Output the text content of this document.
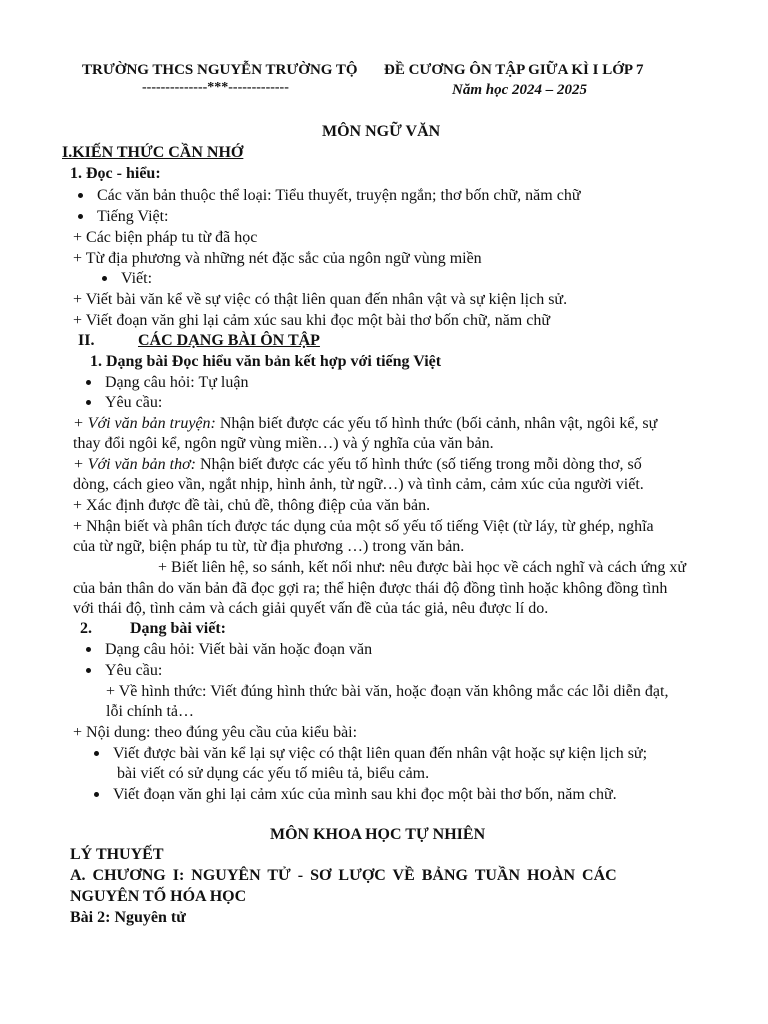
TRƯỜNG THCS NGUYỄN TRƯỜNG TỘ
--------------***-------------
ĐỀ CƯƠNG ÔN TẬP GIỮA KÌ I LỚP 7
Năm học 2024 – 2025
MÔN NGỮ VĂN
I.KIẾN THỨC CẦN NHỚ
1. Đọc - hiểu:
Các văn bản thuộc thể loại: Tiểu thuyết, truyện ngắn; thơ bốn chữ, năm chữ
Tiếng Việt:
+ Các biện pháp tu từ đã học
+ Từ địa phương và những nét đặc sắc của ngôn ngữ vùng miền
Viết:
+ Viết bài văn kể về sự việc có thật liên quan đến nhân vật và sự kiện lịch sử.
+ Viết đoạn văn ghi lại cảm xúc sau khi đọc một bài thơ bốn chữ, năm chữ
II.	CÁC DẠNG BÀI ÔN TẬP
1. Dạng bài Đọc hiểu văn bản kết hợp với tiếng Việt
Dạng câu hỏi: Tự luận
Yêu cầu:
+ Với văn bản truyện: Nhận biết được các yếu tố hình thức (bối cảnh, nhân vật, ngôi kể, sự
thay đổi ngôi kể, ngôn ngữ vùng miền…) và ý nghĩa của văn bản.
+ Với văn bản thơ: Nhận biết được các yếu tố hình thức (số tiếng trong mỗi dòng thơ, số
dòng, cách gieo vần, ngắt nhịp, hình ảnh, từ ngữ…) và tình cảm, cảm xúc của người viết.
+ Xác định được đề tài, chủ đề, thông điệp của văn bản.
+ Nhận biết và phân tích được tác dụng của một số yếu tố tiếng Việt (từ láy, từ ghép, nghĩa
của từ ngữ, biện pháp tu từ, từ địa phương …) trong văn bản.
+ Biết liên hệ, so sánh, kết nối như: nêu được bài học về cách nghĩ và cách ứng xử
của bản thân do văn bản đã đọc gợi ra; thể hiện được thái độ đồng tình hoặc không đồng tình
với thái độ, tình cảm và cách giải quyết vấn đề của tác giả, nêu được lí do.
2. Dạng bài viết:
Dạng câu hỏi: Viết bài văn hoặc đoạn văn
Yêu cầu:
+ Về hình thức: Viết đúng hình thức bài văn, hoặc đoạn văn không mắc các lỗi diễn đạt,
lỗi chính tả…
+ Nội dung: theo đúng yêu cầu của kiểu bài:
Viết được bài văn kể lại sự việc có thật liên quan đến nhân vật hoặc sự kiện lịch sử;
bài viết có sử dụng các yếu tố miêu tả, biểu cảm.
Viết đoạn văn ghi lại cảm xúc của mình sau khi đọc một bài thơ bốn, năm chữ.
MÔN KHOA HỌC TỰ NHIÊN
LÝ THUYẾT
A. CHƯƠNG I: NGUYÊN TỬ - SƠ LƯỢC VỀ BẢNG TUẦN HOÀN CÁC
NGUYÊN TỐ HÓA HỌC
Bài 2: Nguyên tử
